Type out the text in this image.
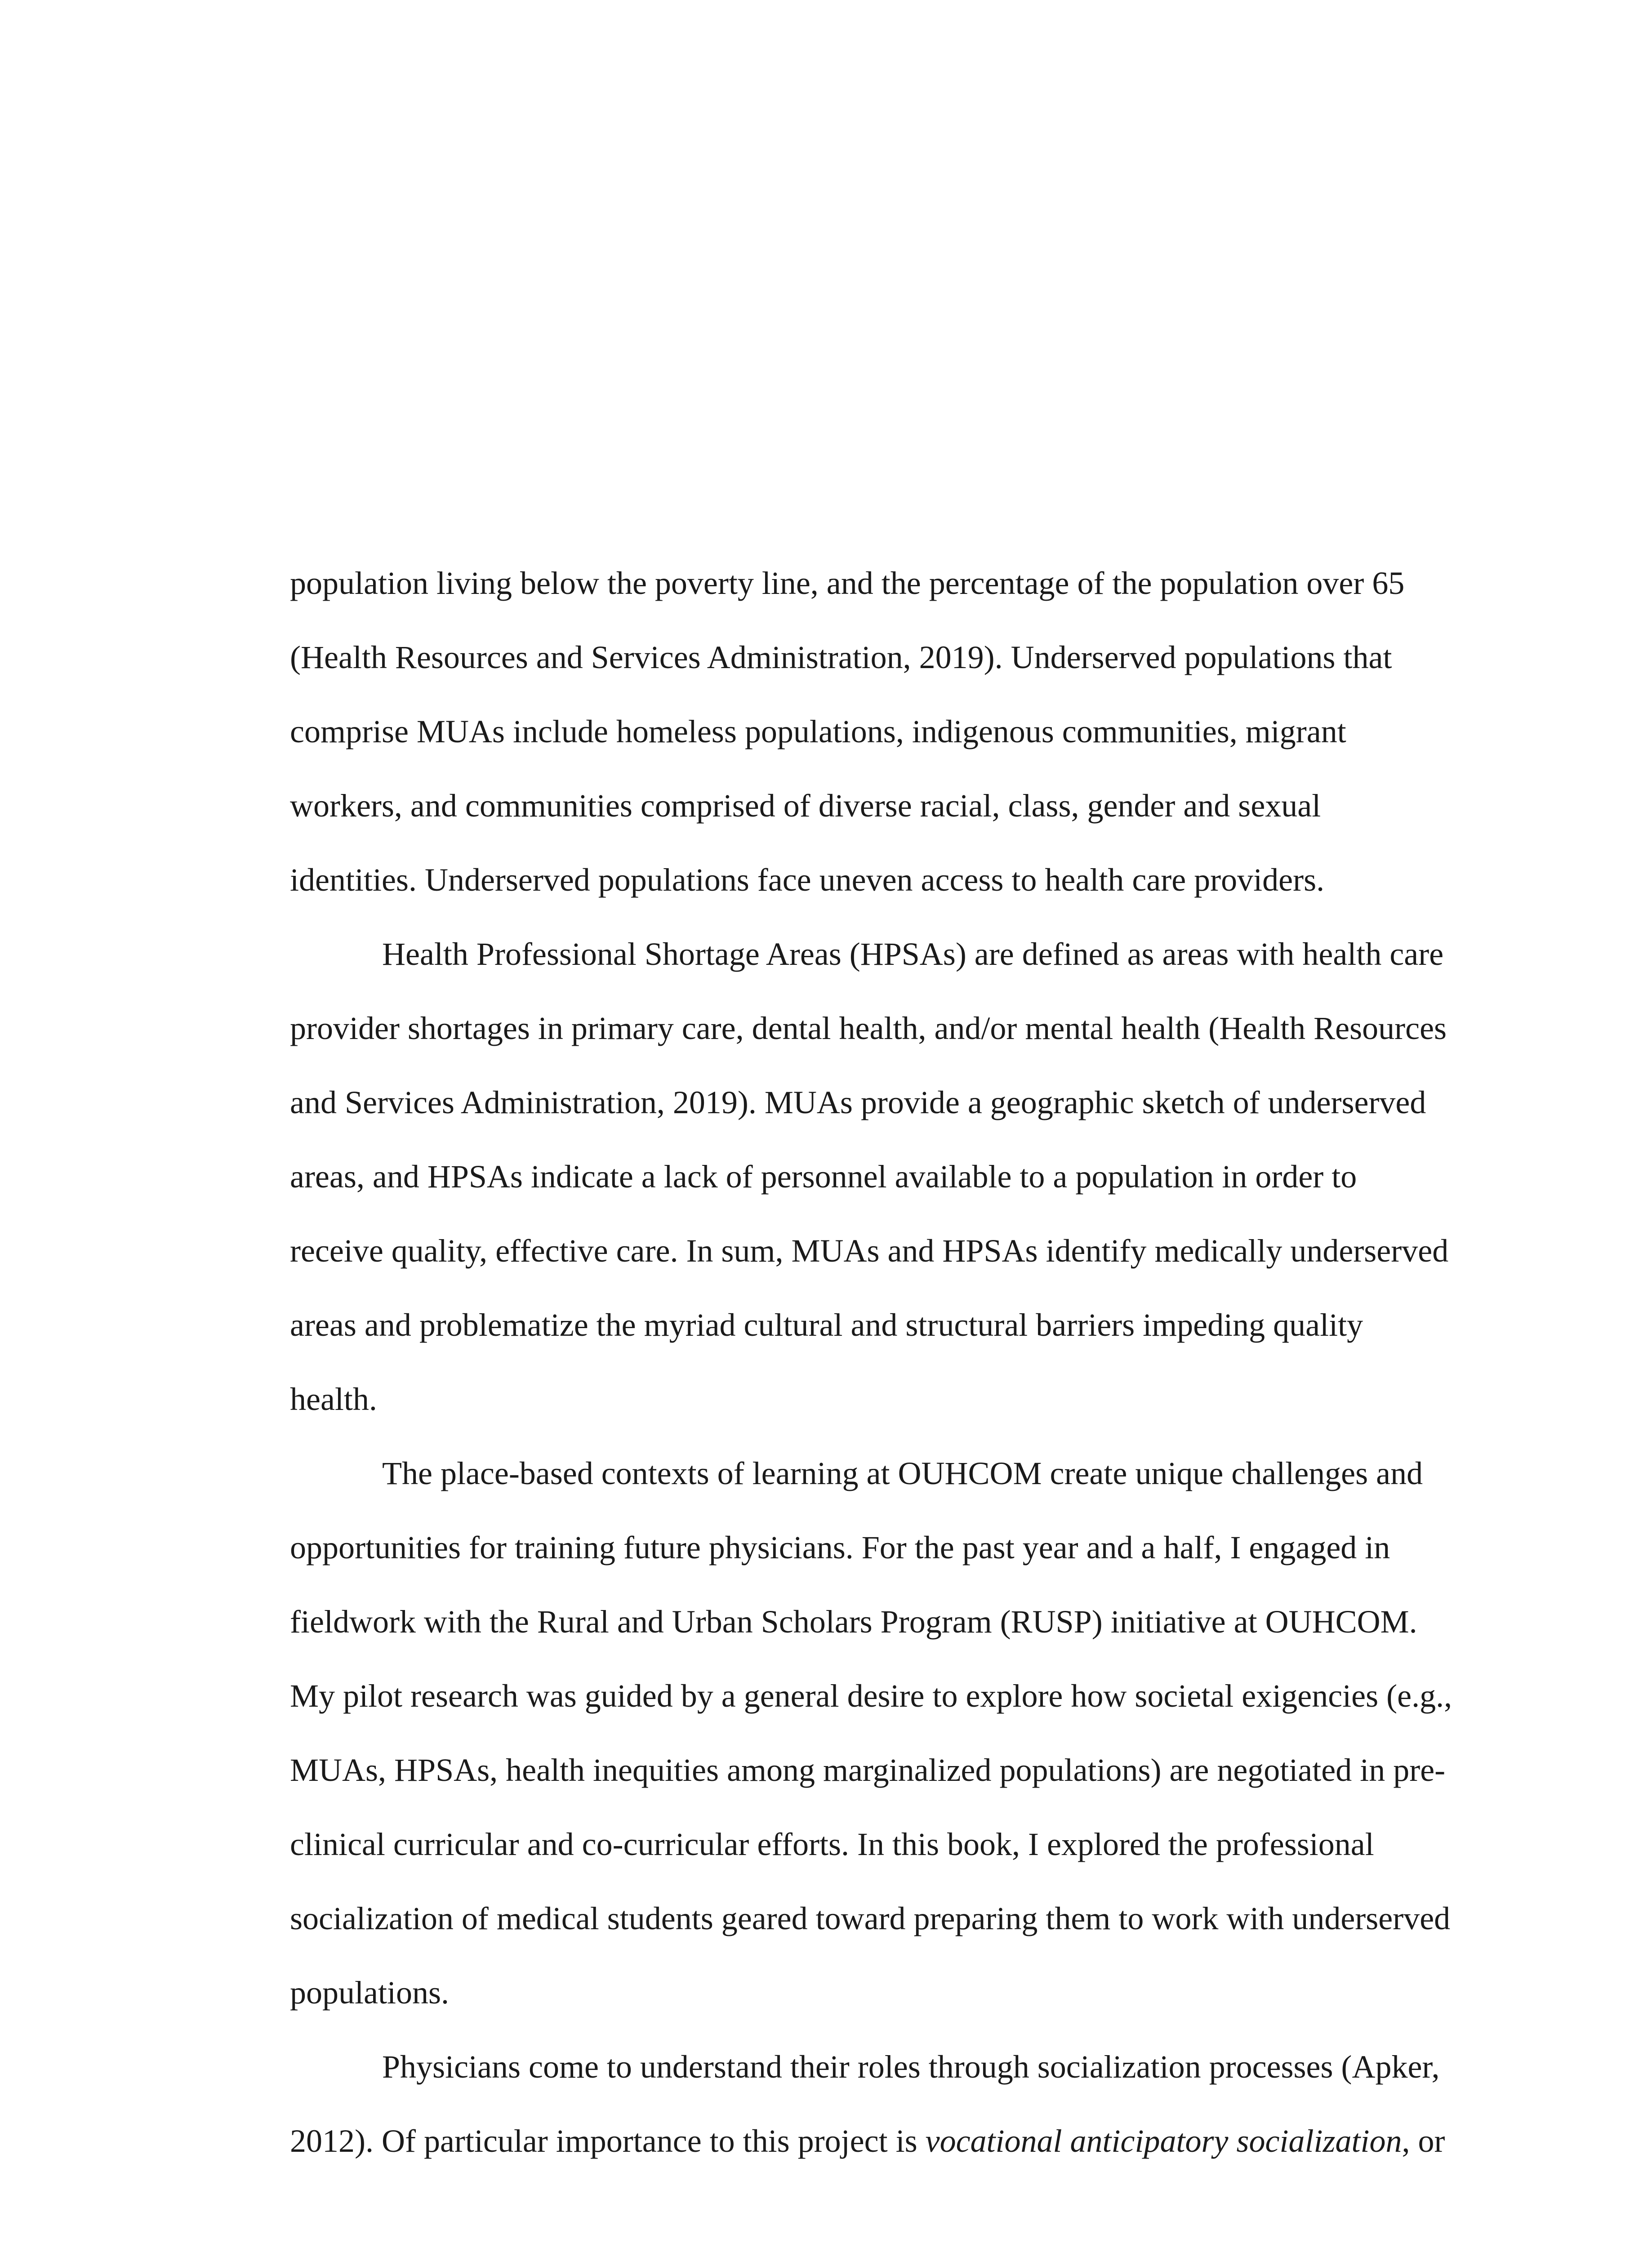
population living below the poverty line, and the percentage of the population over 65
(Health Resources and Services Administration, 2019). Underserved populations that
comprise MUAs include homeless populations, indigenous communities, migrant
workers, and communities comprised of diverse racial, class, gender and sexual
identities. Underserved populations face uneven access to health care providers.
Health Professional Shortage Areas (HPSAs) are defined as areas with health care
provider shortages in primary care, dental health, and/or mental health (Health Resources
and Services Administration, 2019). MUAs provide a geographic sketch of underserved
areas, and HPSAs indicate a lack of personnel available to a population in order to
receive quality, effective care. In sum, MUAs and HPSAs identify medically underserved
areas and problematize the myriad cultural and structural barriers impeding quality
health.
The place-based contexts of learning at OUHCOM create unique challenges and
opportunities for training future physicians. For the past year and a half, I engaged in
fieldwork with the Rural and Urban Scholars Program (RUSP) initiative at OUHCOM.
My pilot research was guided by a general desire to explore how societal exigencies (e.g.,
MUAs, HPSAs, health inequities among marginalized populations) are negotiated in pre-
clinical curricular and co-curricular efforts. In this book, I explored the professional
socialization of medical students geared toward preparing them to work with underserved
populations.
Physicians come to understand their roles through socialization processes (Apker,
2012). Of particular importance to this project is vocational anticipatory socialization, or
